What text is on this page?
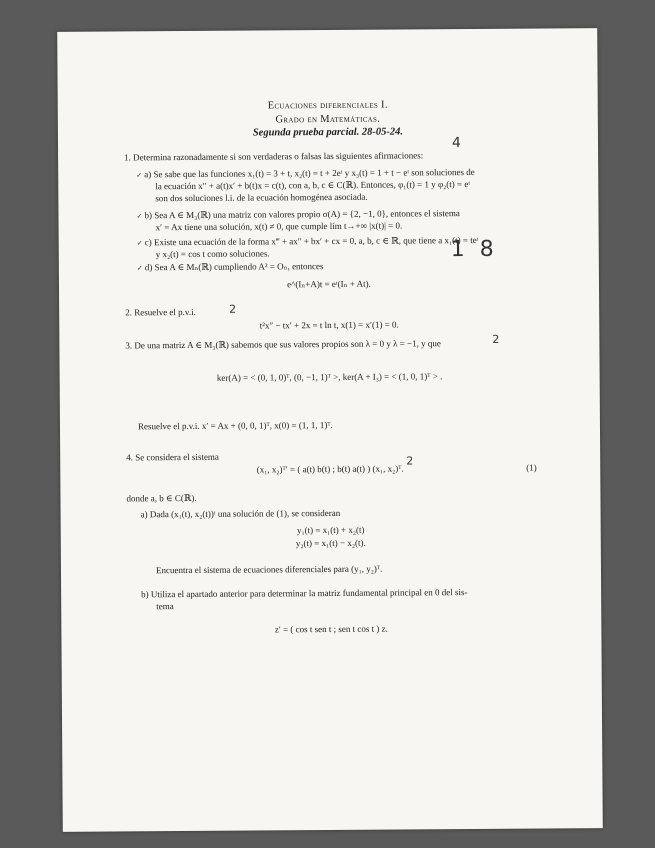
Ecuaciones diferenciales I.
Grado en Matemáticas.
Segunda prueba parcial. 28-05-24.
1. Determina razonadamente si son verdaderas o falsas las siguientes afirmaciones:
4
✓ a) Se sabe que las funciones x₁(t) = 3 + t, x₂(t) = t + 2eᵗ y x₃(t) = 1 + t − eᵗ son soluciones de
la ecuación x″ + a(t)x′ + b(t)x = c(t), con a, b, c ∈ C(ℝ). Entonces, φ₁(t) = 1 y φ₂(t) = eᵗ
son dos soluciones l.i. de la ecuación homogénea asociada.
✓ b) Sea A ∈ M₃(ℝ) una matriz con valores propio σ(A) = {2, −1, 0}, entonces el sistema
x′ = Ax tiene una solución, x(t) ≠ 0, que cumple lím t→+∞ |x(t)| = 0.
✓ c) Existe una ecuación de la forma x‴ + ax″ + bx′ + cx = 0, a, b, c ∈ ℝ, que tiene a x₁(t) = teᵗ
y x₂(t) = cos t como soluciones.	1 8
✓ d) Sea A ∈ Mₙ(ℝ) cumpliendo A² = Oₙ, entonces
e^(Iₙ+A)t = eᵗ(Iₙ + At).
2. Resuelve el p.v.i.	2
t²x″ − tx′ + 2x = t ln t, x(1) = x′(1) = 0.
3. De una matriz A ∈ M₃(ℝ) sabemos que sus valores propios son λ = 0 y λ = −1, y que	2
ker(A) = < (0, 1, 0)ᵀ, (0, −1, 1)ᵀ >, ker(A + I₃) = < (1, 0, 1)ᵀ > .
Resuelve el p.v.i. x′ = Ax + (0, 0, 1)ᵀ, x(0) = (1, 1, 1)ᵀ.
4. Se considera el sistema
(x₁, x₂)ᵀ′ = ( a(t) b(t) ; b(t) a(t) ) (x₁, x₂)ᵀ.
2
(1)
donde a, b ∈ C(ℝ).
a) Dada (x₁(t), x₂(t))ᵗ una solución de (1), se consideran
y₁(t) = x₁(t) + x₂(t)
y₂(t) = x₁(t) − x₂(t).
Encuentra el sistema de ecuaciones diferenciales para (y₁, y₂)ᵀ.
b) Utiliza el apartado anterior para determinar la matriz fundamental principal en 0 del sis-
tema
z′ = ( cos t sen t ; sen t cos t ) z.
